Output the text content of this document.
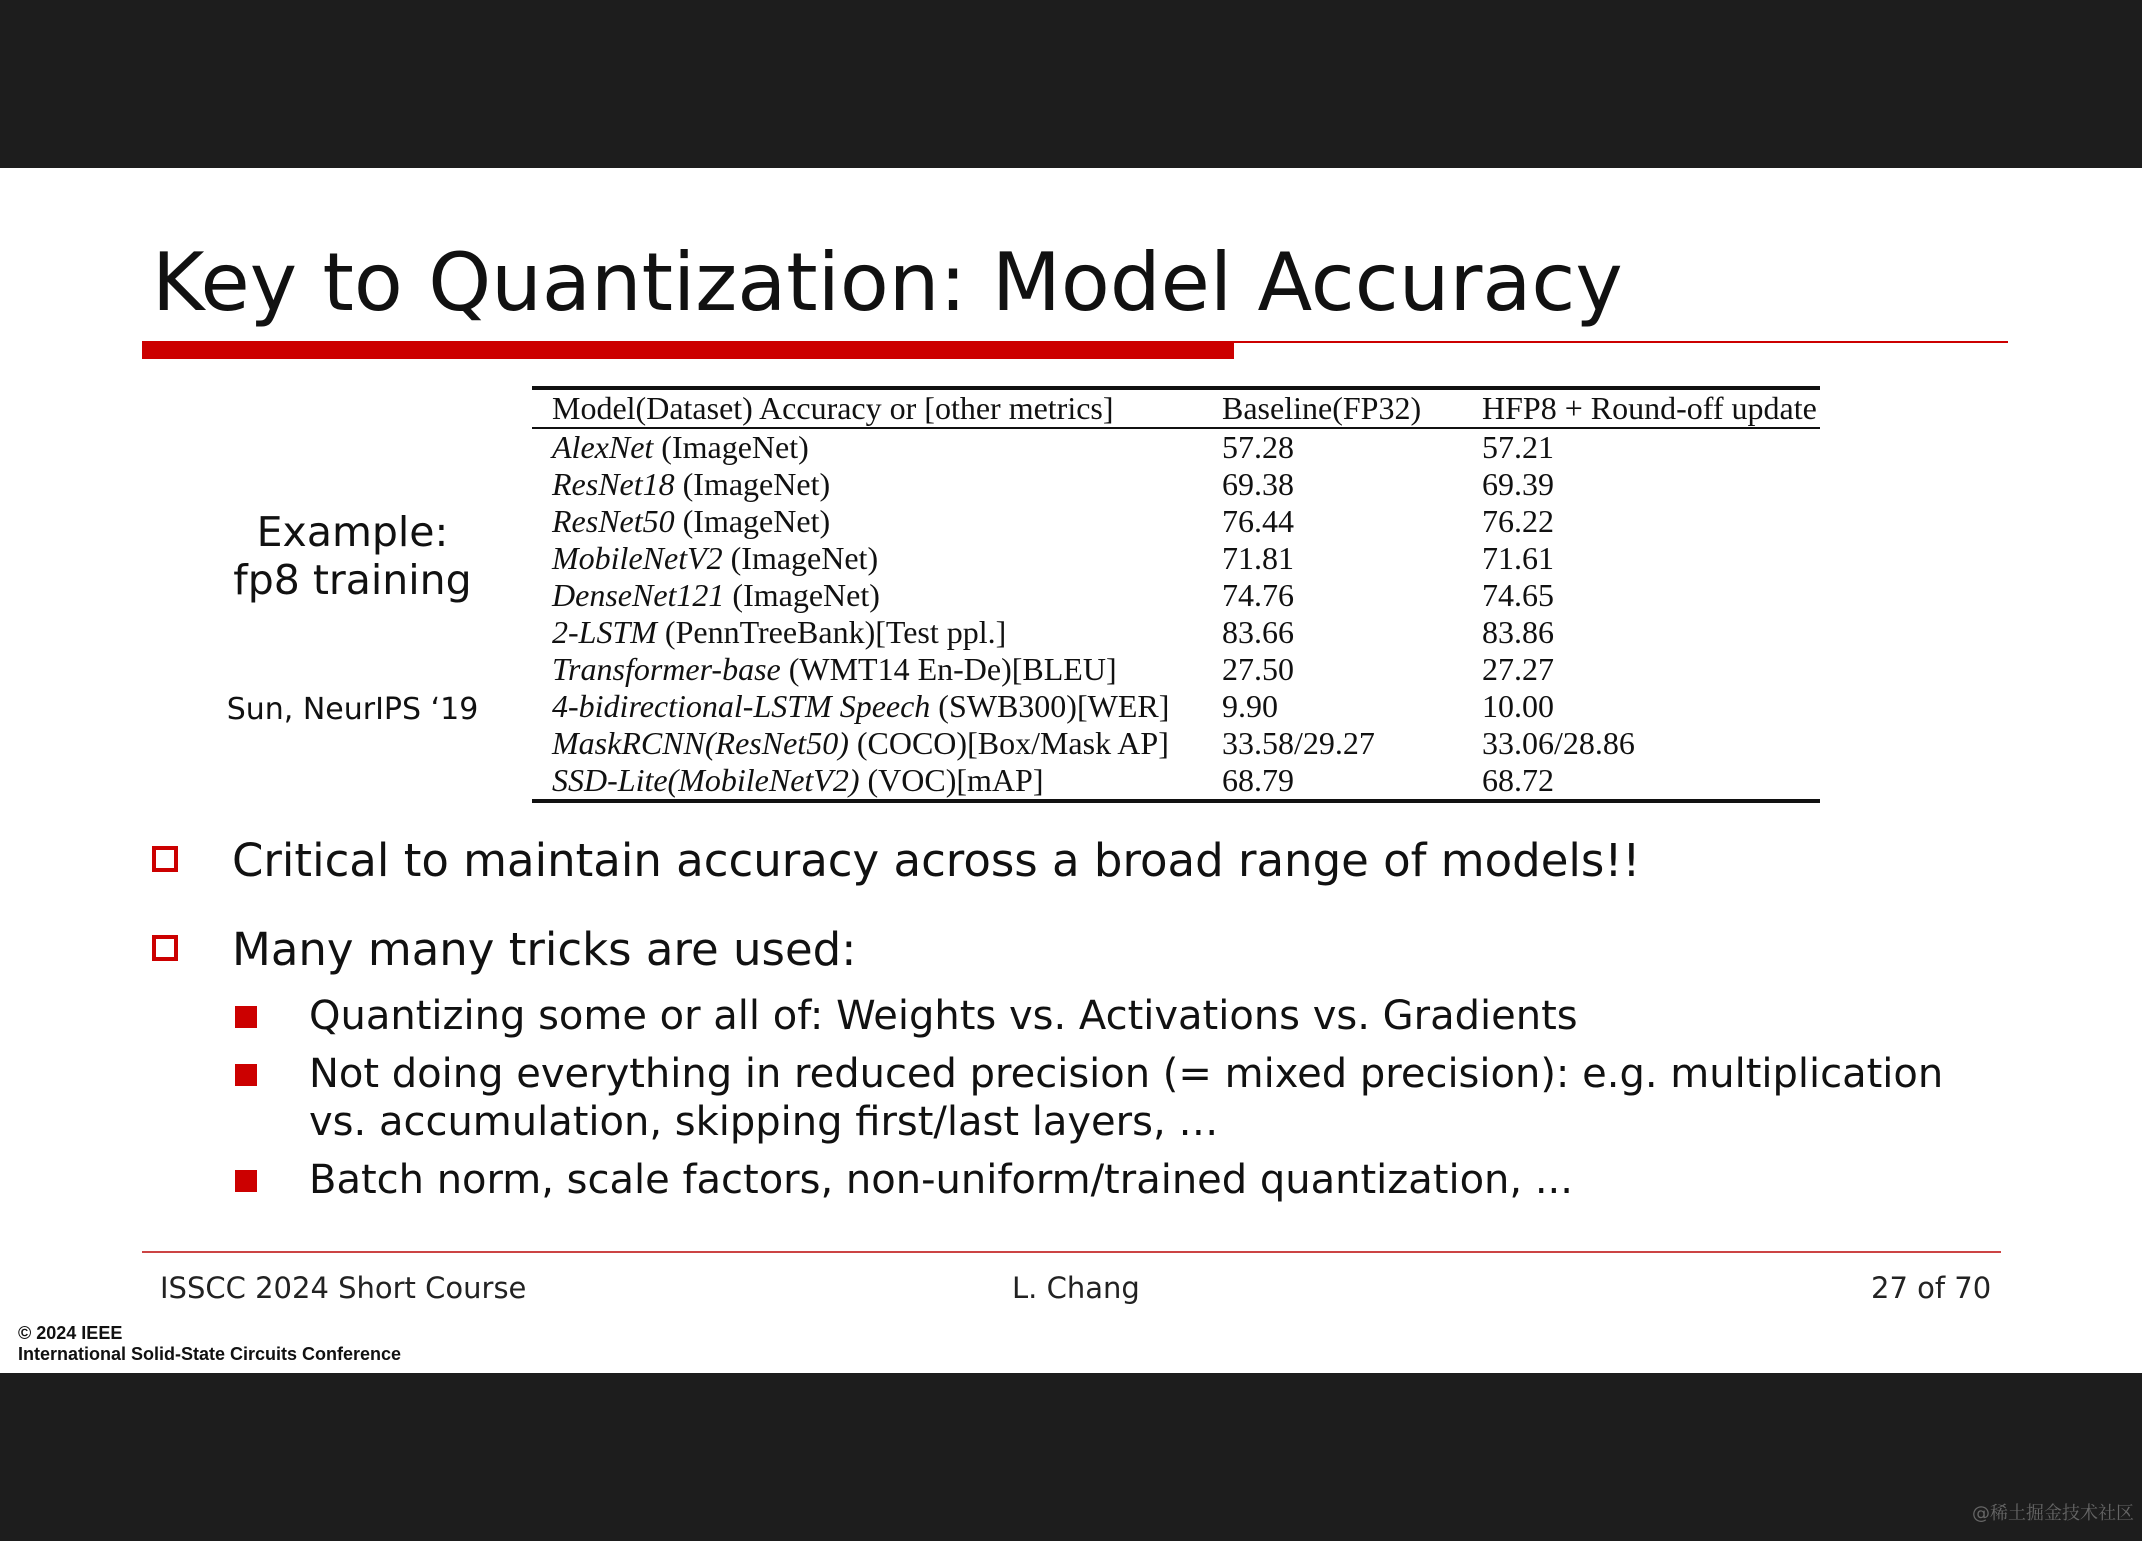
Key to Quantization: Model Accuracy
Example:
fp8 training
Sun, NeurIPS ‘19
Model(Dataset) Accuracy or [other metrics]	Baseline(FP32)	HFP8 + Round-off update
AlexNet (ImageNet)	57.28	57.21
ResNet18 (ImageNet)	69.38	69.39
ResNet50 (ImageNet)	76.44	76.22
MobileNetV2 (ImageNet)	71.81	71.61
DenseNet121 (ImageNet)	74.76	74.65
2-LSTM (PennTreeBank)[Test ppl.]	83.66	83.86
Transformer-base (WMT14 En-De)[BLEU]	27.50	27.27
4-bidirectional-LSTM Speech (SWB300)[WER]	9.90	10.00
MaskRCNN(ResNet50) (COCO)[Box/Mask AP]	33.58/29.27	33.06/28.86
SSD-Lite(MobileNetV2) (VOC)[mAP]	68.79	68.72
Critical to maintain accuracy across a broad range of models!!
Many many tricks are used:
Quantizing some or all of: Weights vs. Activations vs. Gradients
Not doing everything in reduced precision (= mixed precision): e.g. multiplication vs. accumulation, skipping first/last layers, …
Batch norm, scale factors, non-uniform/trained quantization, ...
ISSCC 2024 Short Course	L. Chang	27 of 70
© 2024 IEEE
International Solid-State Circuits Conference
@稀土掘金技术社区
